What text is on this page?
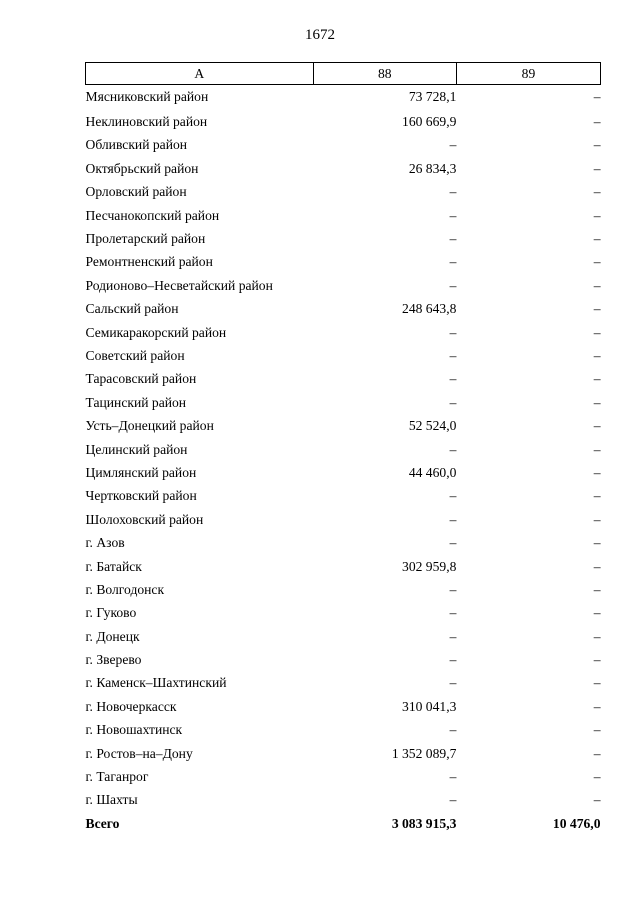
1672
А	88	89
Мясниковский район	73 728,1	–
Неклиновский район	160 669,9	–
Обливский район	–	–
Октябрьский район	26 834,3	–
Орловский район	–	–
Песчанокопский район	–	–
Пролетарский район	–	–
Ремонтненский район	–	–
Родионово–Несветайский район	–	–
Сальский район	248 643,8	–
Семикаракорский район	–	–
Советский район	–	–
Тарасовский район	–	–
Тацинский район	–	–
Усть–Донецкий район	52 524,0	–
Целинский район	–	–
Цимлянский район	44 460,0	–
Чертковский район	–	–
Шолоховский район	–	–
г. Азов	–	–
г. Батайск	302 959,8	–
г. Волгодонск	–	–
г. Гуково	–	–
г. Донецк	–	–
г. Зверево	–	–
г. Каменск–Шахтинский	–	–
г. Новочеркасск	310 041,3	–
г. Новошахтинск	–	–
г. Ростов–на–Дону	1 352 089,7	–
г. Таганрог	–	–
г. Шахты	–	–
Всего	3 083 915,3	10 476,0
